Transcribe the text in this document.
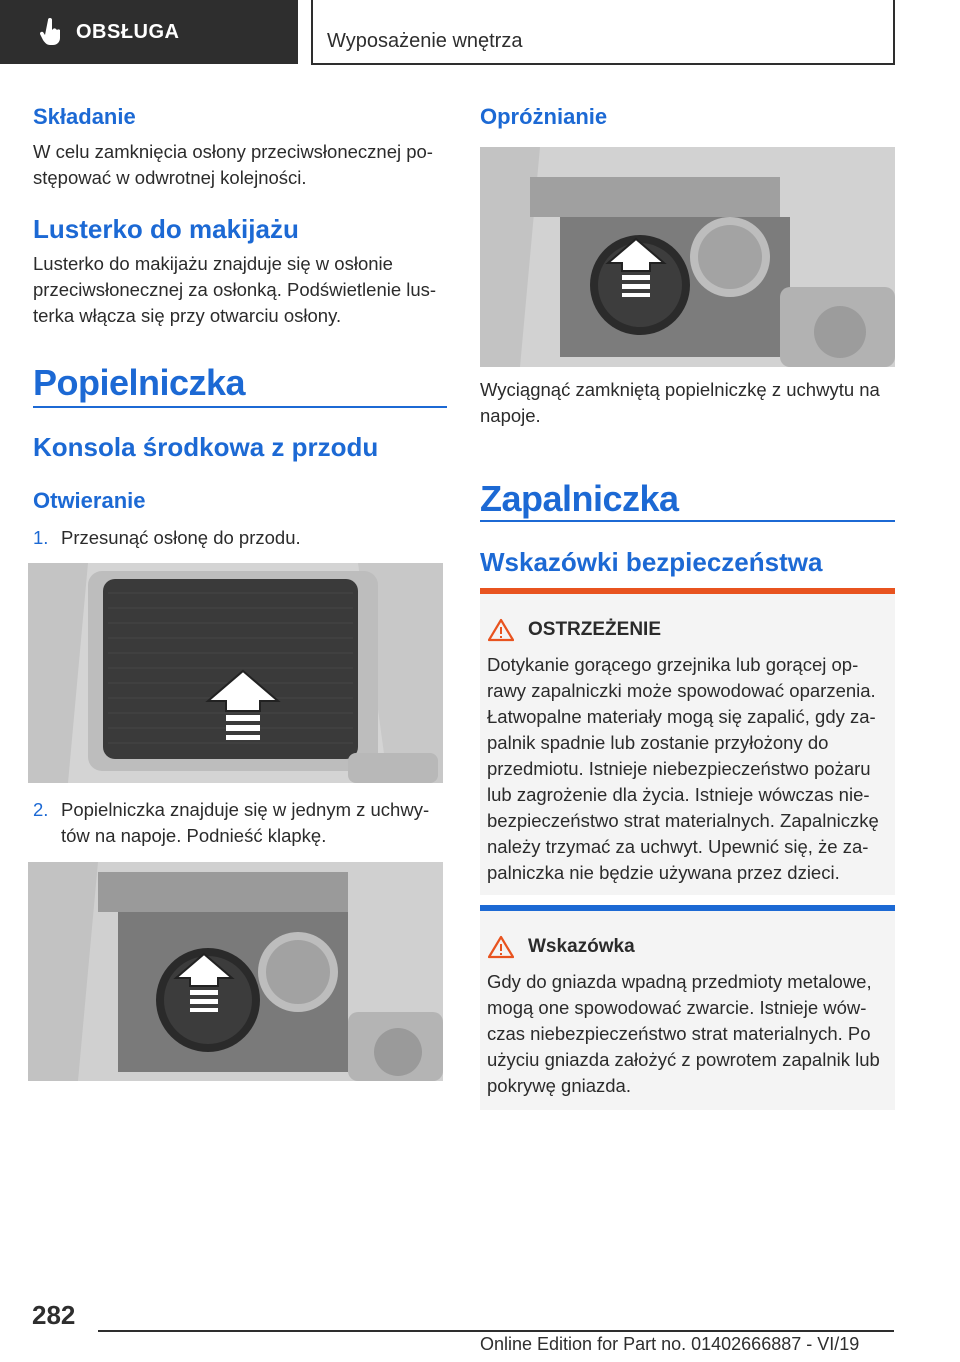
OBSŁUGA	Wyposażenie wnętrza
Składanie
W celu zamknięcia osłony przeciwsłonecznej po-
stępować w odwrotnej kolejności.
Lusterko do makijażu
Lusterko do makijażu znajduje się w osłonie
przeciwsłonecznej za osłonką. Podświetlenie lus-
terka włącza się przy otwarciu osłony.
Popielniczka
Konsola środkowa z przodu
Otwieranie
1. Przesunąć osłonę do przodu.
2. Popielniczka znajduje się w jednym z uchwy-
tów na napoje. Podnieść klapkę.
Opróżnianie
Wyciągnąć zamkniętą popielniczkę z uchwytu na
napoje.
Zapalniczka
Wskazówki bezpieczeństwa
OSTRZEŻENIE
Dotykanie gorącego grzejnika lub gorącej op-
rawy zapalniczki może spowodować oparzenia.
Łatwopalne materiały mogą się zapalić, gdy za-
palnik spadnie lub zostanie przyłożony do
przedmiotu. Istnieje niebezpieczeństwo pożaru
lub zagrożenie dla życia. Istnieje wówczas nie-
bezpieczeństwo strat materialnych. Zapalniczkę
należy trzymać za uchwyt. Upewnić się, że za-
palniczka nie będzie używana przez dzieci.
Wskazówka
Gdy do gniazda wpadną przedmioty metalowe,
mogą one spowodować zwarcie. Istnieje wów-
czas niebezpieczeństwo strat materialnych. Po
użyciu gniazda założyć z powrotem zapalnik lub
pokrywę gniazda.
282
Online Edition for Part no. 01402666887 - VI/19
